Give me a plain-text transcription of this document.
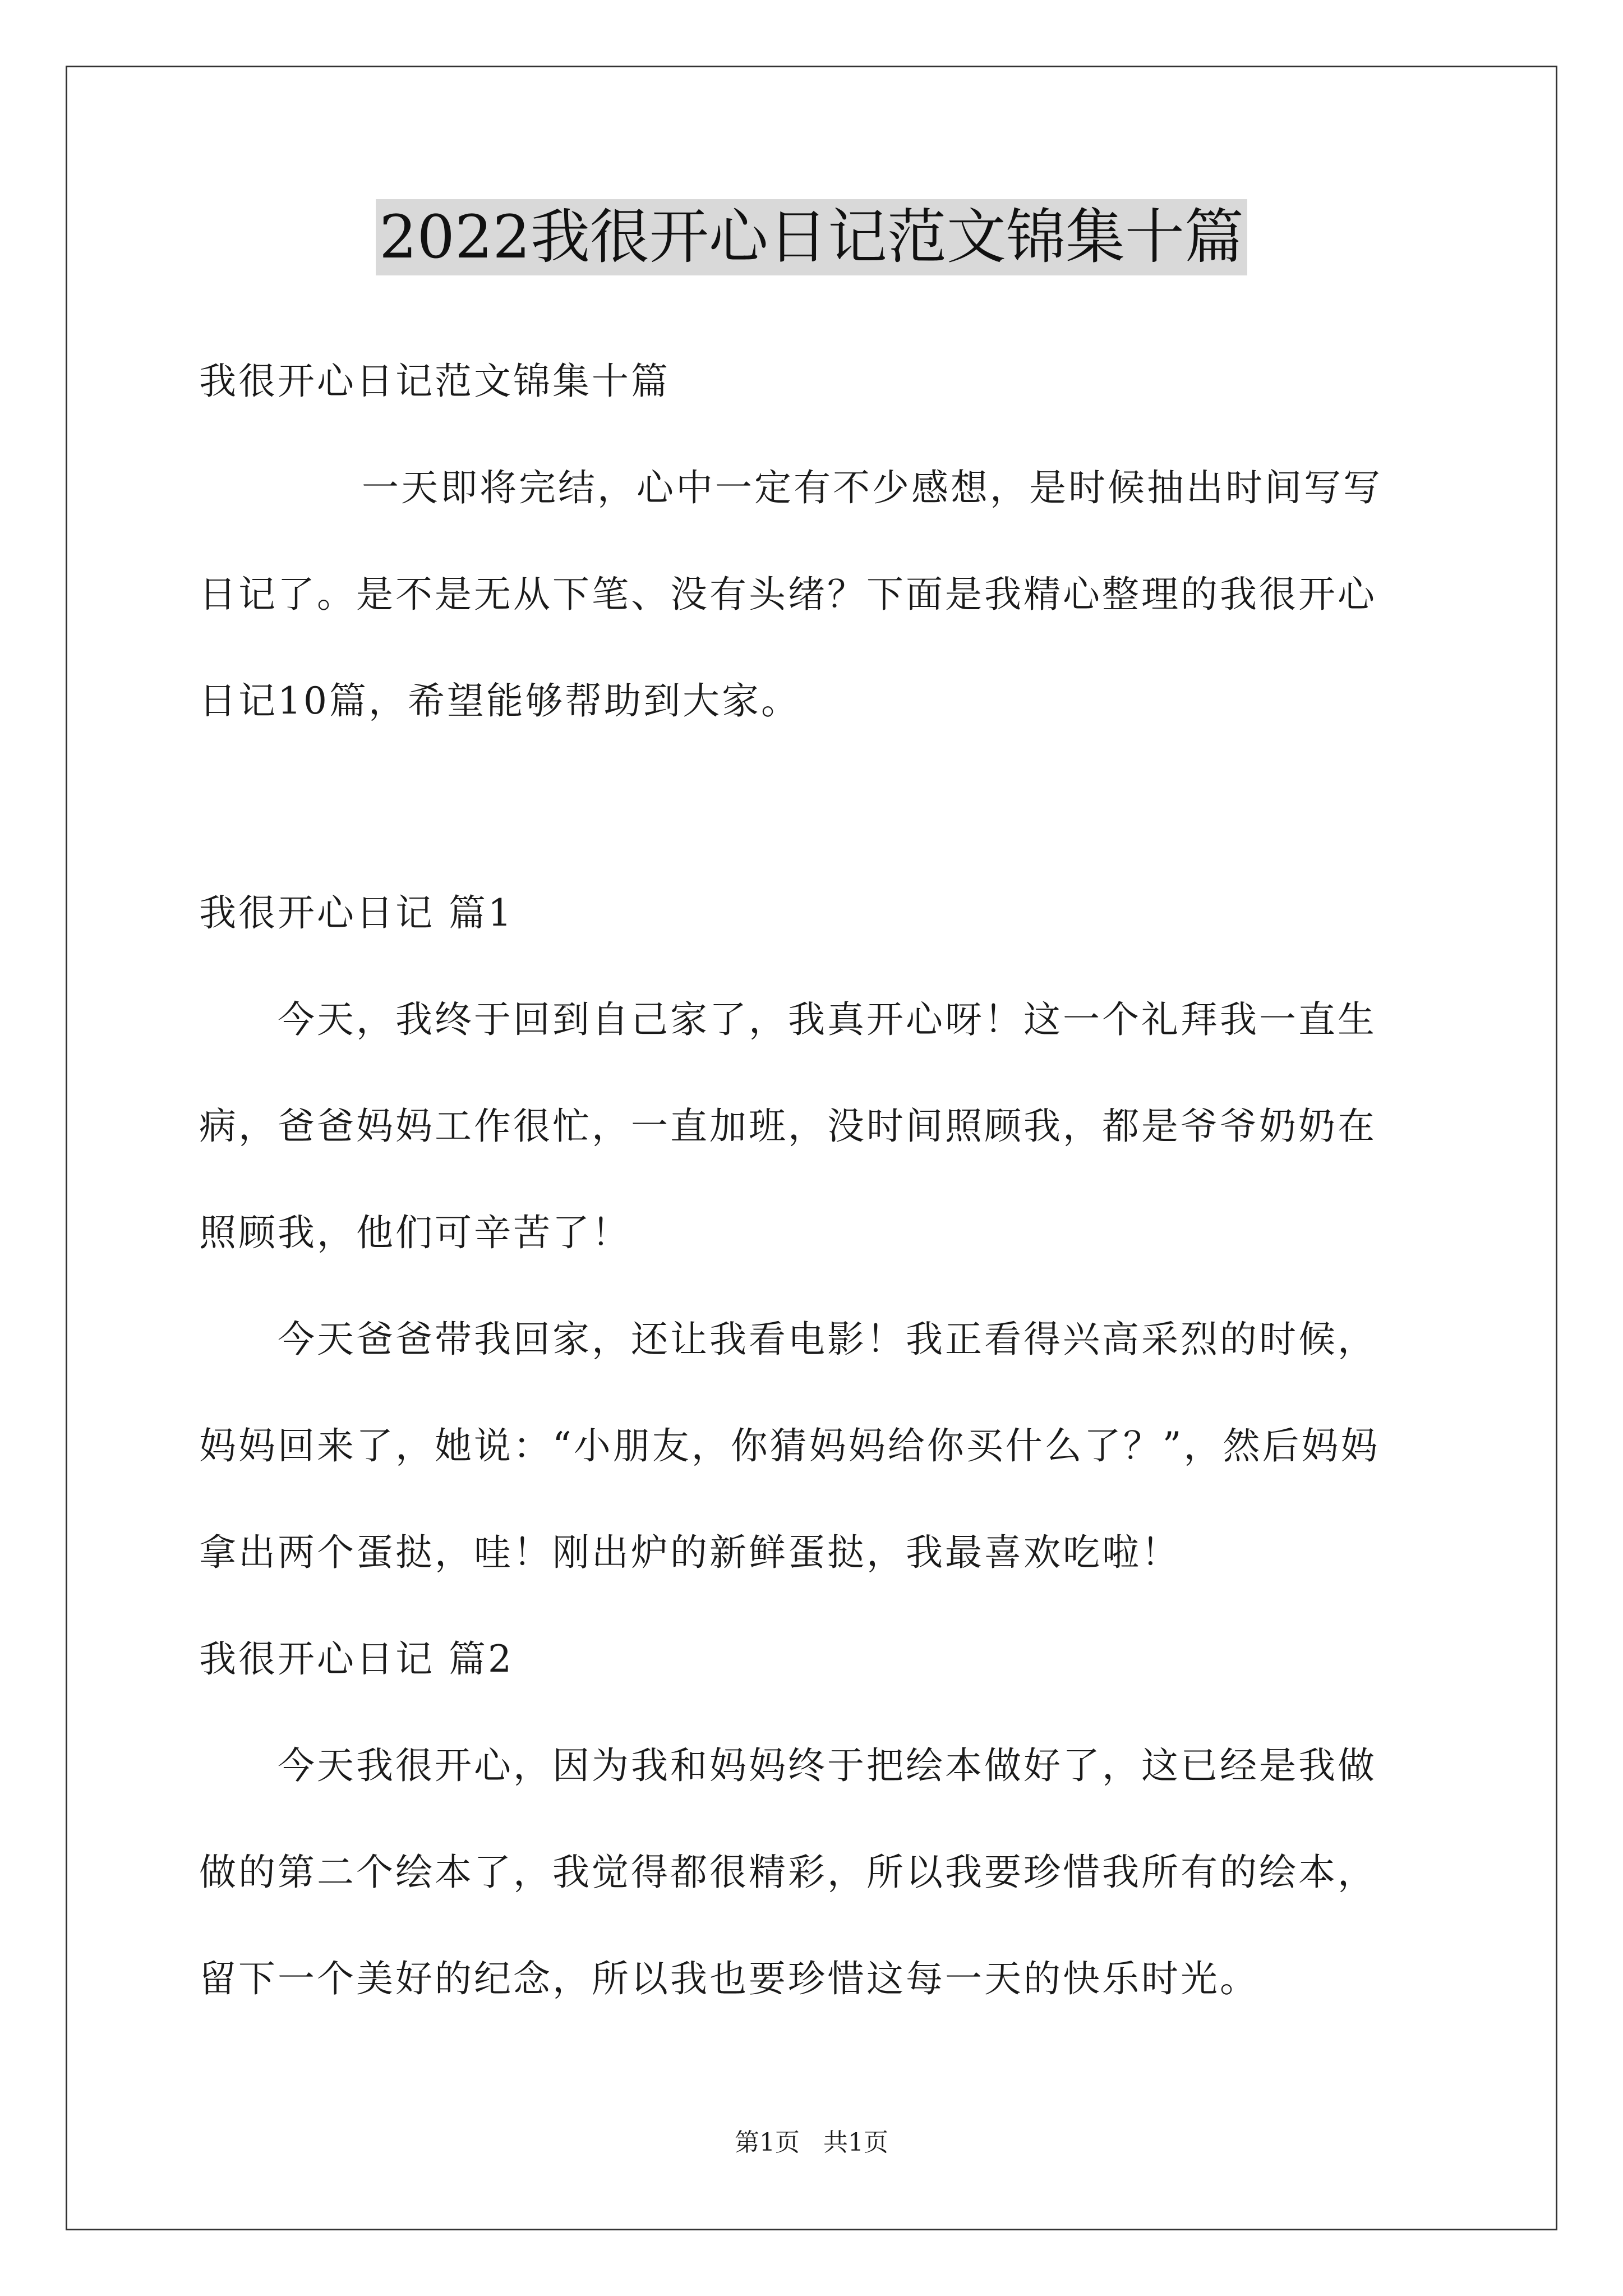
2022我很开心日记范文锦集十篇
我很开心日记范文锦集十篇
一天即将完结，心中一定有不少感想，是时候抽出时间写写
日记了。是不是无从下笔、没有头绪？下面是我精心整理的我很开心
日记10篇，希望能够帮助到大家。
我很开心日记 篇1
今天，我终于回到自己家了，我真开心呀！这一个礼拜我一直生
病，爸爸妈妈工作很忙，一直加班，没时间照顾我，都是爷爷奶奶在
照顾我，他们可辛苦了！
今天爸爸带我回家，还让我看电影！我正看得兴高采烈的时候，
妈妈回来了，她说：“小朋友，你猜妈妈给你买什么了？”，然后妈妈
拿出两个蛋挞，哇！刚出炉的新鲜蛋挞，我最喜欢吃啦！
我很开心日记 篇2
今天我很开心，因为我和妈妈终于把绘本做好了，这已经是我做
做的第二个绘本了，我觉得都很精彩，所以我要珍惜我所有的绘本，
留下一个美好的纪念，所以我也要珍惜这每一天的快乐时光。
第1页 共1页
